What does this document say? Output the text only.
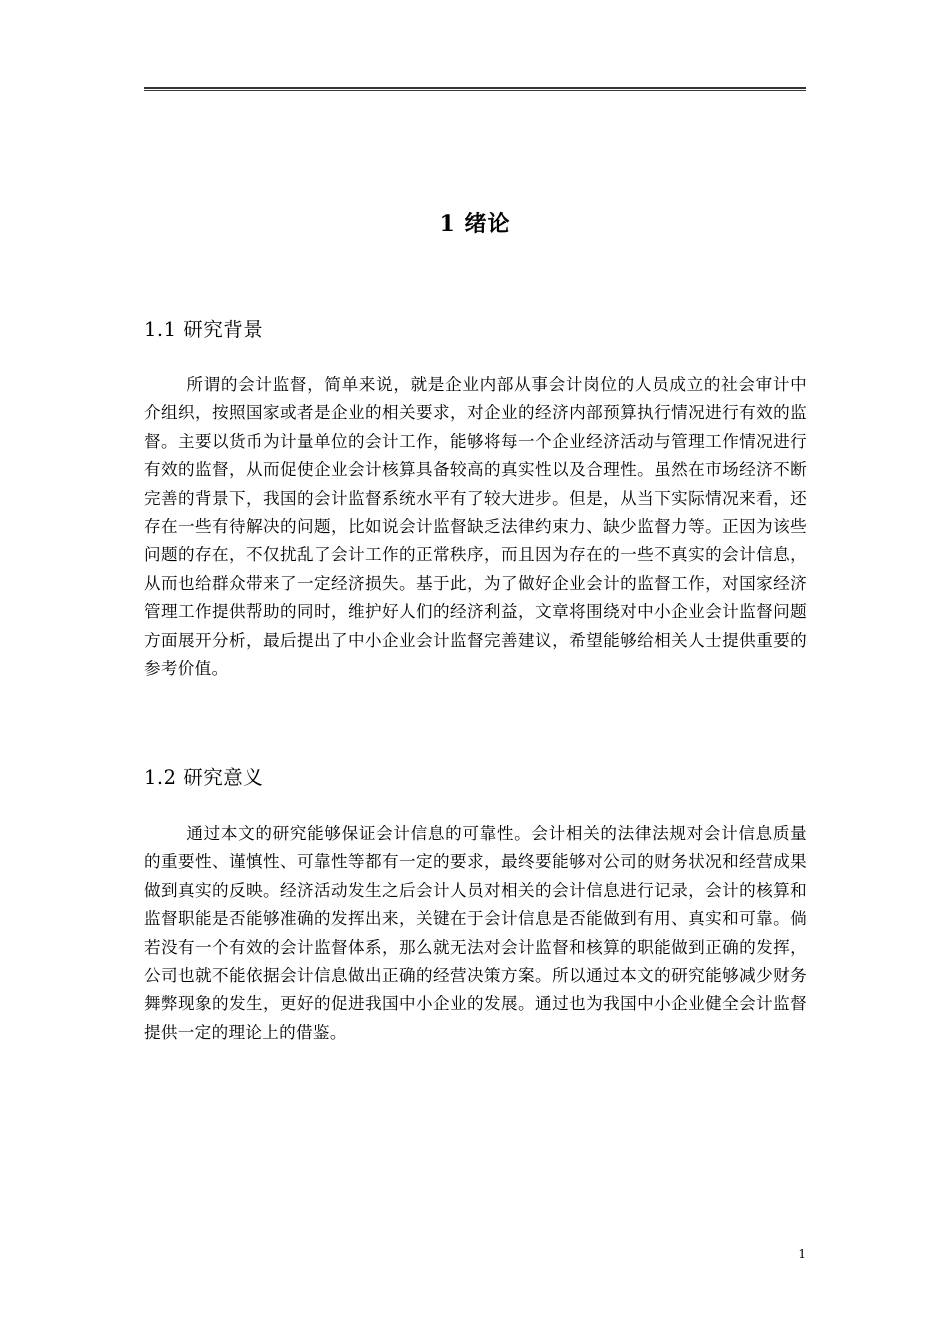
1 绪论
1.1 研究背景

所谓的会计监督，简单来说，就是企业内部从事会计岗位的人员成立的社会审计中介组织，按照国家或者是企业的相关要求，对企业的经济内部预算执行情况进行有效的监督。主要以货币为计量单位的会计工作，能够将每一个企业经济活动与管理工作情况进行有效的监督，从而促使企业会计核算具备较高的真实性以及合理性。虽然在市场经济不断完善的背景下，我国的会计监督系统水平有了较大进步。但是，从当下实际情况来看，还存在一些有待解决的问题，比如说会计监督缺乏法律约束力、缺少监督力等。正因为该些问题的存在，不仅扰乱了会计工作的正常秩序，而且因为存在的一些不真实的会计信息，从而也给群众带来了一定经济损失。基于此，为了做好企业会计的监督工作，对国家经济管理工作提供帮助的同时，维护好人们的经济利益，文章将围绕对中小企业会计监督问题方面展开分析，最后提出了中小企业会计监督完善建议，希望能够给相关人士提供重要的参考价值。

1.2 研究意义

通过本文的研究能够保证会计信息的可靠性。会计相关的法律法规对会计信息质量的重要性、谨慎性、可靠性等都有一定的要求，最终要能够对公司的财务状况和经营成果做到真实的反映。经济活动发生之后会计人员对相关的会计信息进行记录，会计的核算和监督职能是否能够准确的发挥出来，关键在于会计信息是否能做到有用、真实和可靠。倘若没有一个有效的会计监督体系，那么就无法对会计监督和核算的职能做到正确的发挥，公司也就不能依据会计信息做出正确的经营决策方案。所以通过本文的研究能够减少财务舞弊现象的发生，更好的促进我国中小企业的发展。通过也为我国中小企业健全会计监督提供一定的理论上的借鉴。

1
